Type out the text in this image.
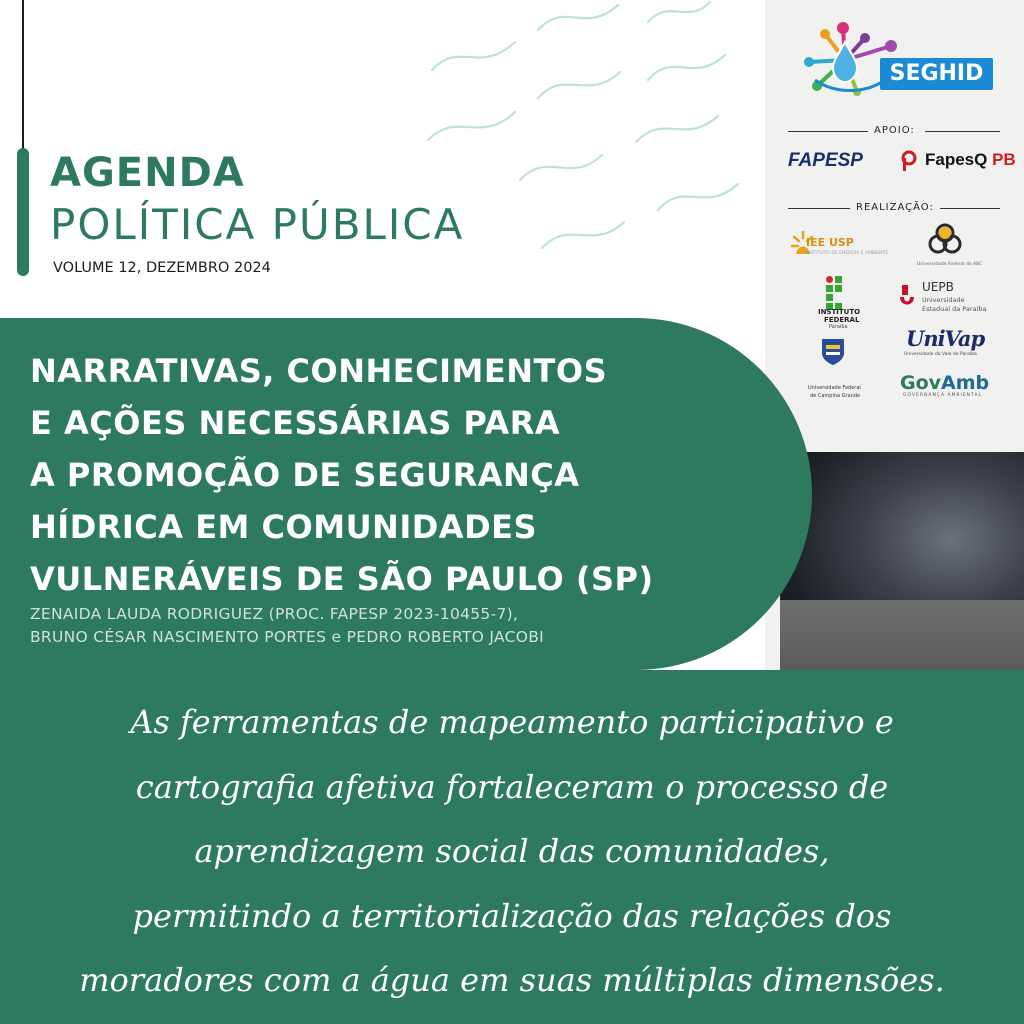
AGENDA
POLÍTICA PÚBLICA
VOLUME 12, DEZEMBRO 2024
SEGHID
APOIO:
FAPESP	FapesQ PB
REALIZAÇÃO:
IEE USP
INSTITUTO DE ENERGIA E AMBIENTE
Universidade Federal do ABC
INSTITUTO
FEDERAL
Paraíba
UEPB
Universidade
Estadual da Paraíba
UniVap
Universidade do Vale do Paraíba
Universidade Federal
de Campina Grande
GovAmb
GOVERNANÇA AMBIENTAL
NARRATIVAS, CONHECIMENTOS
E AÇÕES NECESSÁRIAS PARA
A PROMOÇÃO DE SEGURANÇA
HÍDRICA EM COMUNIDADES
VULNERÁVEIS DE SÃO PAULO (SP)
ZENAIDA LAUDA RODRIGUEZ (PROC. FAPESP 2023-10455-7),
BRUNO CÉSAR NASCIMENTO PORTES e PEDRO ROBERTO JACOBI
As ferramentas de mapeamento participativo e
cartografia afetiva fortaleceram o processo de
aprendizagem social das comunidades,
permitindo a territorialização das relações dos
moradores com a água em suas múltiplas dimensões.
